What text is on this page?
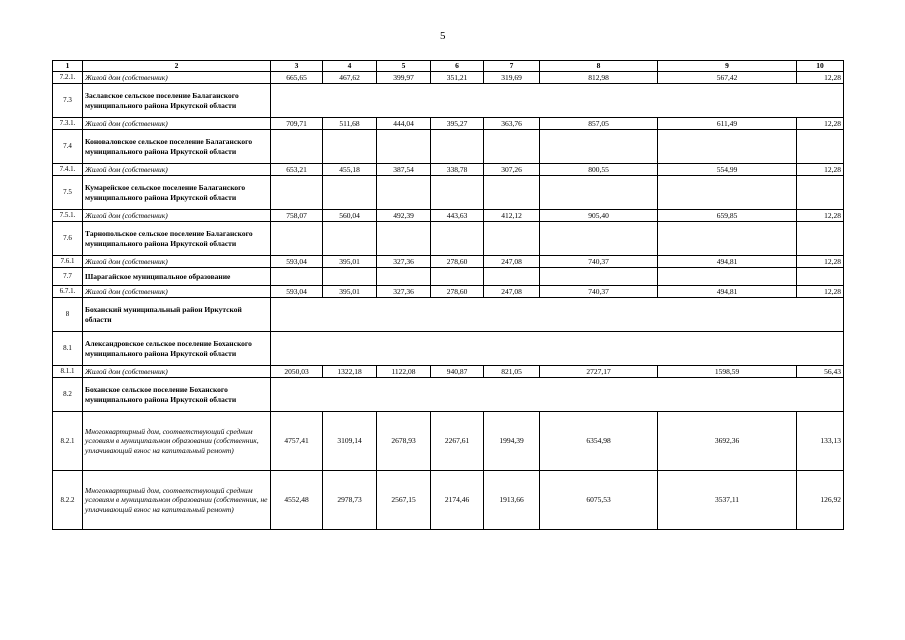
5
1	2	3	4	5	6	7	8	9	10
7.2.1.	Жилой дом (собственник)	665,65	467,62	399,97	351,21	319,69	812,98	567,42	12,28
7.3	Заславское сельское поселение Балаганского муниципального района Иркутской области								
7.3.1.	Жилой дом (собственник)	709,71	511,68	444,04	395,27	363,76	857,05	611,49	12,28
7.4	Коноваловское сельское поселение Балаганского муниципального района Иркутской области								
7.4.1.	Жилой дом (собственник)	653,21	455,18	387,54	338,78	307,26	800,55	554,99	12,28
7.5	Кумарейское сельское поселение Балаганского муниципального района Иркутской области								
7.5.1.	Жилой дом (собственник)	758,07	560,04	492,39	443,63	412,12	905,40	659,85	12,28
7.6	Тарнопольское сельское поселение Балаганского муниципального района Иркутской области								
7.6.1	Жилой дом (собственник)	593,04	395,01	327,36	278,60	247,08	740,37	494,81	12,28
7.7	Шарагайское муниципальное образование								
6.7.1.	Жилой дом (собственник)	593,04	395,01	327,36	278,60	247,08	740,37	494,81	12,28
8	Боханский муниципальный район Иркутской области								
8.1	Александровское сельское поселение Боханского муниципального района Иркутской области								
8.1.1	Жилой дом (собственник)	2050,03	1322,18	1122,08	940,87	821,05	2727,17	1598,59	56,43
8.2	Боханское сельское поселение Боханского муниципального района Иркутской области								
8.2.1	Многоквартирный дом, соответствующий средним условиям в муниципальном образовании (собственник, уплачивающий взнос на капитальный ремонт)	4757,41	3109,14	2678,93	2267,61	1994,39	6354,98	3692,36	133,13
8.2.2	Многоквартирный дом, соответствующий средним условиям в муниципальном образовании (собственник, не уплачивающий взнос на капитальный ремонт)	4552,48	2978,73	2567,15	2174,46	1913,66	6075,53	3537,11	126,92
